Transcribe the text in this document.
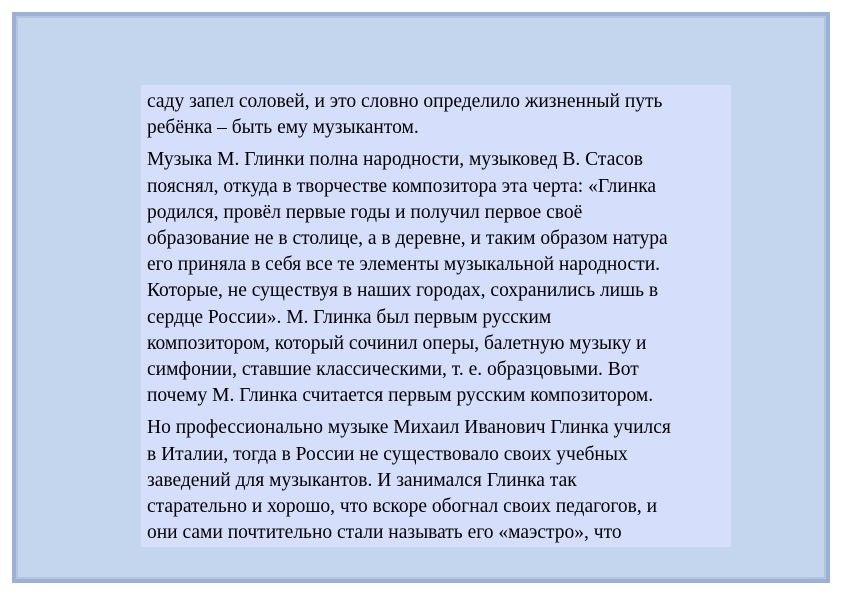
саду запел соловей, и это словно определило жизненный путь
ребёнка – быть ему музыкантом.

Музыка М. Глинки полна народности, музыковед В. Стасов
пояснял, откуда в творчестве композитора эта черта: «Глинка
родился, провёл первые годы и получил первое своё
образование не в столице, а в деревне, и таким образом натура
его приняла в себя все те элементы музыкальной народности.
Которые, не существуя в наших городах, сохранились лишь в
сердце России». М. Глинка был первым русским
композитором, который сочинил оперы, балетную музыку и
симфонии, ставшие классическими, т. е. образцовыми. Вот
почему М. Глинка считается первым русским композитором.

Но профессионально музыке Михаил Иванович Глинка учился
в Италии, тогда в России не существовало своих учебных
заведений для музыкантов. И занимался Глинка так
старательно и хорошо, что вскоре обогнал своих педагогов, и
они сами почтительно стали называть его «маэстро», что
